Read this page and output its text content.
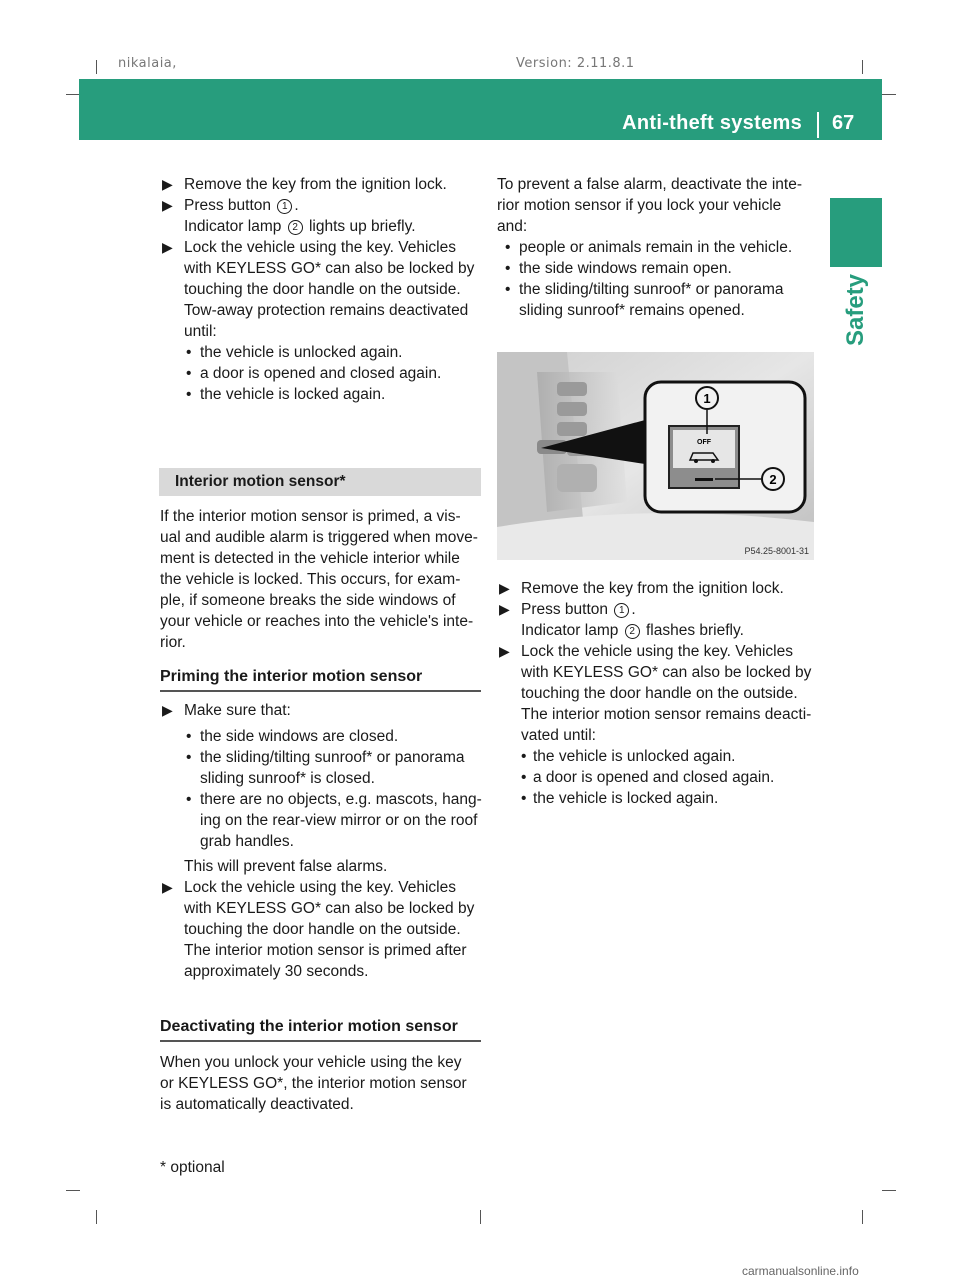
nikalaia,	Version: 2.11.8.1
Anti-theft systems 67
Safety

▶ Remove the key from the ignition lock.

▶ Press button 1 .
Indicator lamp 2 lights up briefly.

▶ Lock the vehicle using the key. Vehicles
with KEYLESS GO* can also be locked by
touching the door handle on the outside.
Tow-away protection remains deactivated
until:

• the vehicle is unlocked again.

• a door is opened and closed again.

• the vehicle is locked again.

Interior motion sensor*

If the interior motion sensor is primed, a vis-
ual and audible alarm is triggered when move-
ment is detected in the vehicle interior while
the vehicle is locked. This occurs, for exam-
ple, if someone breaks the side windows of
your vehicle or reaches into the vehicle's inte-
rior.

Priming the interior motion sensor

▶ Make sure that:

• the side windows are closed.

• the sliding/tilting sunroof* or panorama
sliding sunroof* is closed.

• there are no objects, e.g. mascots, hang-
ing on the rear-view mirror or on the roof
grab handles.

This will prevent false alarms.

▶ Lock the vehicle using the key. Vehicles
with KEYLESS GO* can also be locked by
touching the door handle on the outside.
The interior motion sensor is primed after
approximately 30 seconds.

Deactivating the interior motion sensor

When you unlock your vehicle using the key
or KEYLESS GO*, the interior motion sensor
is automatically deactivated.

To prevent a false alarm, deactivate the inte-
rior motion sensor if you lock your vehicle
and:

• people or animals remain in the vehicle.

• the side windows remain open.

• the sliding/tilting sunroof* or panorama
sliding sunroof* remains opened.

OFF
1
2
P54.25-8001-31

▶ Remove the key from the ignition lock.

▶ Press button 1 .
Indicator lamp 2 flashes briefly.

▶ Lock the vehicle using the key. Vehicles
with KEYLESS GO* can also be locked by
touching the door handle on the outside.
The interior motion sensor remains deacti-
vated until:

• the vehicle is unlocked again.

• a door is opened and closed again.

• the vehicle is locked again.

* optional
carmanualsonline.info
